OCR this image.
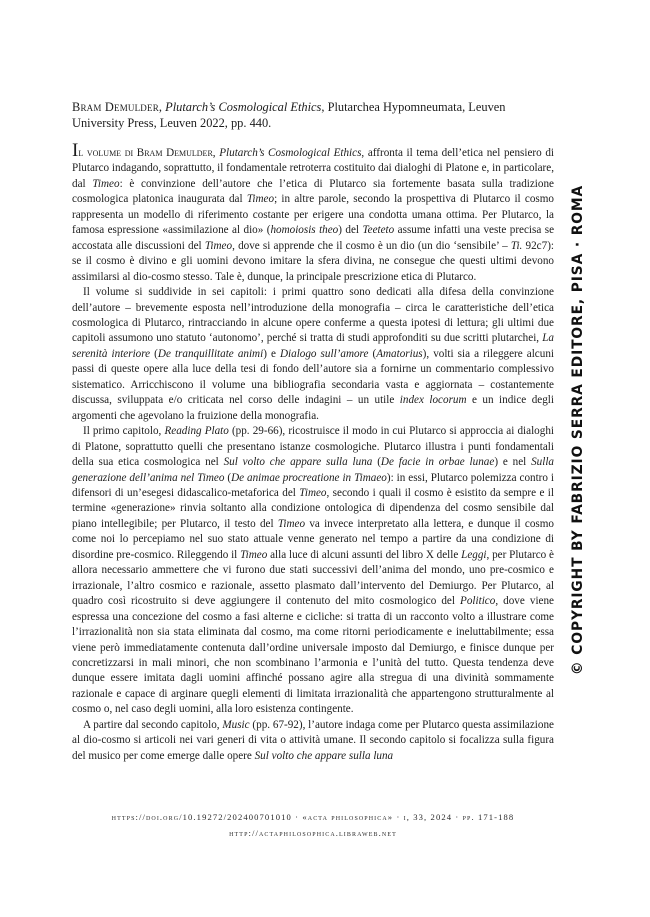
Bram Demulder, Plutarch’s Cosmological Ethics, Plutarchea Hypomneumata, Leuven University Press, Leuven 2022, pp. 440.

Il volume di Bram Demulder, Plutarch’s Cosmological Ethics, affronta il tema dell’etica nel pensiero di Plutarco indagando, soprattutto, il fondamentale retroterra costituito dai dialoghi di Platone e, in particolare, dal Timeo: è convinzione dell’autore che l’etica di Plutarco sia fortemente basata sulla tradizione cosmologica platonica inaugurata dal Timeo; in altre parole, secondo la prospettiva di Plutarco il cosmo rappresenta un modello di riferimento costante per erigere una condotta umana ottima. Per Plutarco, la famosa espressione «assimilazione al dio» (homoiosis theo) del Teeteto assume infatti una veste precisa se accostata alle discussioni del Timeo, dove si apprende che il cosmo è un dio (un dio ‘sensibile’ – Ti. 92c7): se il cosmo è divino e gli uomini devono imitare la sfera divina, ne consegue che questi ultimi devono assimilarsi al dio-cosmo stesso. Tale è, dunque, la principale prescrizione etica di Plutarco.

Il volume si suddivide in sei capitoli: i primi quattro sono dedicati alla difesa della convinzione dell’autore – brevemente esposta nell’introduzione della monografia – circa le caratteristiche dell’etica cosmologica di Plutarco, rintracciando in alcune opere conferme a questa ipotesi di lettura; gli ultimi due capitoli assumono uno statuto ‘autonomo’, perché si tratta di studi approfonditi su due scritti plutarchei, La serenità interiore (De tranquillitate animi) e Dialogo sull’amore (Amatorius), volti sia a rileggere alcuni passi di queste opere alla luce della tesi di fondo dell’autore sia a fornirne un commentario complessivo sistematico. Arricchiscono il volume una bibliografia secondaria vasta e aggiornata – costantemente discussa, sviluppata e/o criticata nel corso delle indagini – un utile index locorum e un indice degli argomenti che agevolano la fruizione della monografia.

Il primo capitolo, Reading Plato (pp. 29-66), ricostruisce il modo in cui Plutarco si approccia ai dialoghi di Platone, soprattutto quelli che presentano istanze cosmologiche. Plutarco illustra i punti fondamentali della sua etica cosmologica nel Sul volto che appare sulla luna (De facie in orbae lunae) e nel Sulla generazione dell’anima nel Timeo (De animae procreatione in Timaeo): in essi, Plutarco polemizza contro i difensori di un’esegesi didascalico-metaforica del Timeo, secondo i quali il cosmo è esistito da sempre e il termine «generazione» rinvia soltanto alla condizione ontologica di dipendenza del cosmo sensibile dal piano intellegibile; per Plutarco, il testo del Timeo va invece interpretato alla lettera, e dunque il cosmo come noi lo percepiamo nel suo stato attuale venne generato nel tempo a partire da una condizione di disordine pre-cosmico. Rileggendo il Timeo alla luce di alcuni assunti del libro X delle Leggi, per Plutarco è allora necessario ammettere che vi furono due stati successivi dell’anima del mondo, uno pre-cosmico e irrazionale, l’altro cosmico e razionale, assetto plasmato dall’intervento del Demiurgo. Per Plutarco, al quadro così ricostruito si deve aggiungere il contenuto del mito cosmologico del Politico, dove viene espressa una concezione del cosmo a fasi alterne e cicliche: si tratta di un racconto volto a illustrare come l’irrazionalità non sia stata eliminata dal cosmo, ma come ritorni periodicamente e ineluttabilmente; essa viene però immediatamente contenuta dall’ordine universale imposto dal Demiurgo, e finisce dunque per concretizzarsi in mali minori, che non scombinano l’armonia e l’unità del tutto. Questa tendenza deve dunque essere imitata dagli uomini affinché possano agire alla stregua di una divinità sommamente razionale e capace di arginare quegli elementi di limitata irrazionalità che appartengono strutturalmente al cosmo o, nel caso degli uomini, alla loro esistenza contingente.

A partire dal secondo capitolo, Music (pp. 67-92), l’autore indaga come per Plutarco questa assimilazione al dio-cosmo si articoli nei vari generi di vita o attività umane. Il secondo capitolo si focalizza sulla figura del musico per come emerge dalle opere Sul volto che appare sulla luna

© COPYRIGHT BY FABRIZIO SERRA EDITORE, PISA · ROMA
https://doi.org/10.19272/202400701010 · «acta philosophica» · i, 33, 2024 · pp. 171-188
http://actaphilosophica.libraweb.net
